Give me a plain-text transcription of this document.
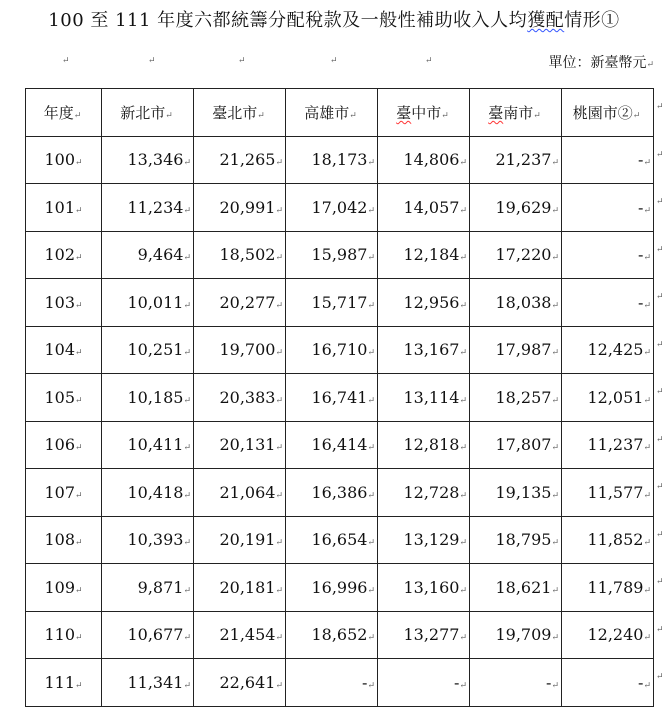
100 至 111 年度六都統籌分配稅款及一般性補助收入人均獲配情形①
↵	↵	↵	↵	↵	單位：新臺幣元↵
年度↵	新北市↵	臺北市↵	高雄市↵	臺中市↵	臺南市↵	桃園市②↵
100↵	13,346↵	21,265↵	18,173↵	14,806↵	21,237↵	-↵
101↵	11,234↵	20,991↵	17,042↵	14,057↵	19,629↵	-↵
102↵	9,464↵	18,502↵	15,987↵	12,184↵	17,220↵	-↵
103↵	10,011↵	20,277↵	15,717↵	12,956↵	18,038↵	-↵
104↵	10,251↵	19,700↵	16,710↵	13,167↵	17,987↵	12,425↵
105↵	10,185↵	20,383↵	16,741↵	13,114↵	18,257↵	12,051↵
106↵	10,411↵	20,131↵	16,414↵	12,818↵	17,807↵	11,237↵
107↵	10,418↵	21,064↵	16,386↵	12,728↵	19,135↵	11,577↵
108↵	10,393↵	20,191↵	16,654↵	13,129↵	18,795↵	11,852↵
109↵	9,871↵	20,181↵	16,996↵	13,160↵	18,621↵	11,789↵
110↵	10,677↵	21,454↵	18,652↵	13,277↵	19,709↵	12,240↵
111↵	11,341↵	22,641↵	-↵	-↵	-↵	-↵
↵
↵
↵
↵
↵
↵
↵
↵
↵
↵
↵
↵
↵
